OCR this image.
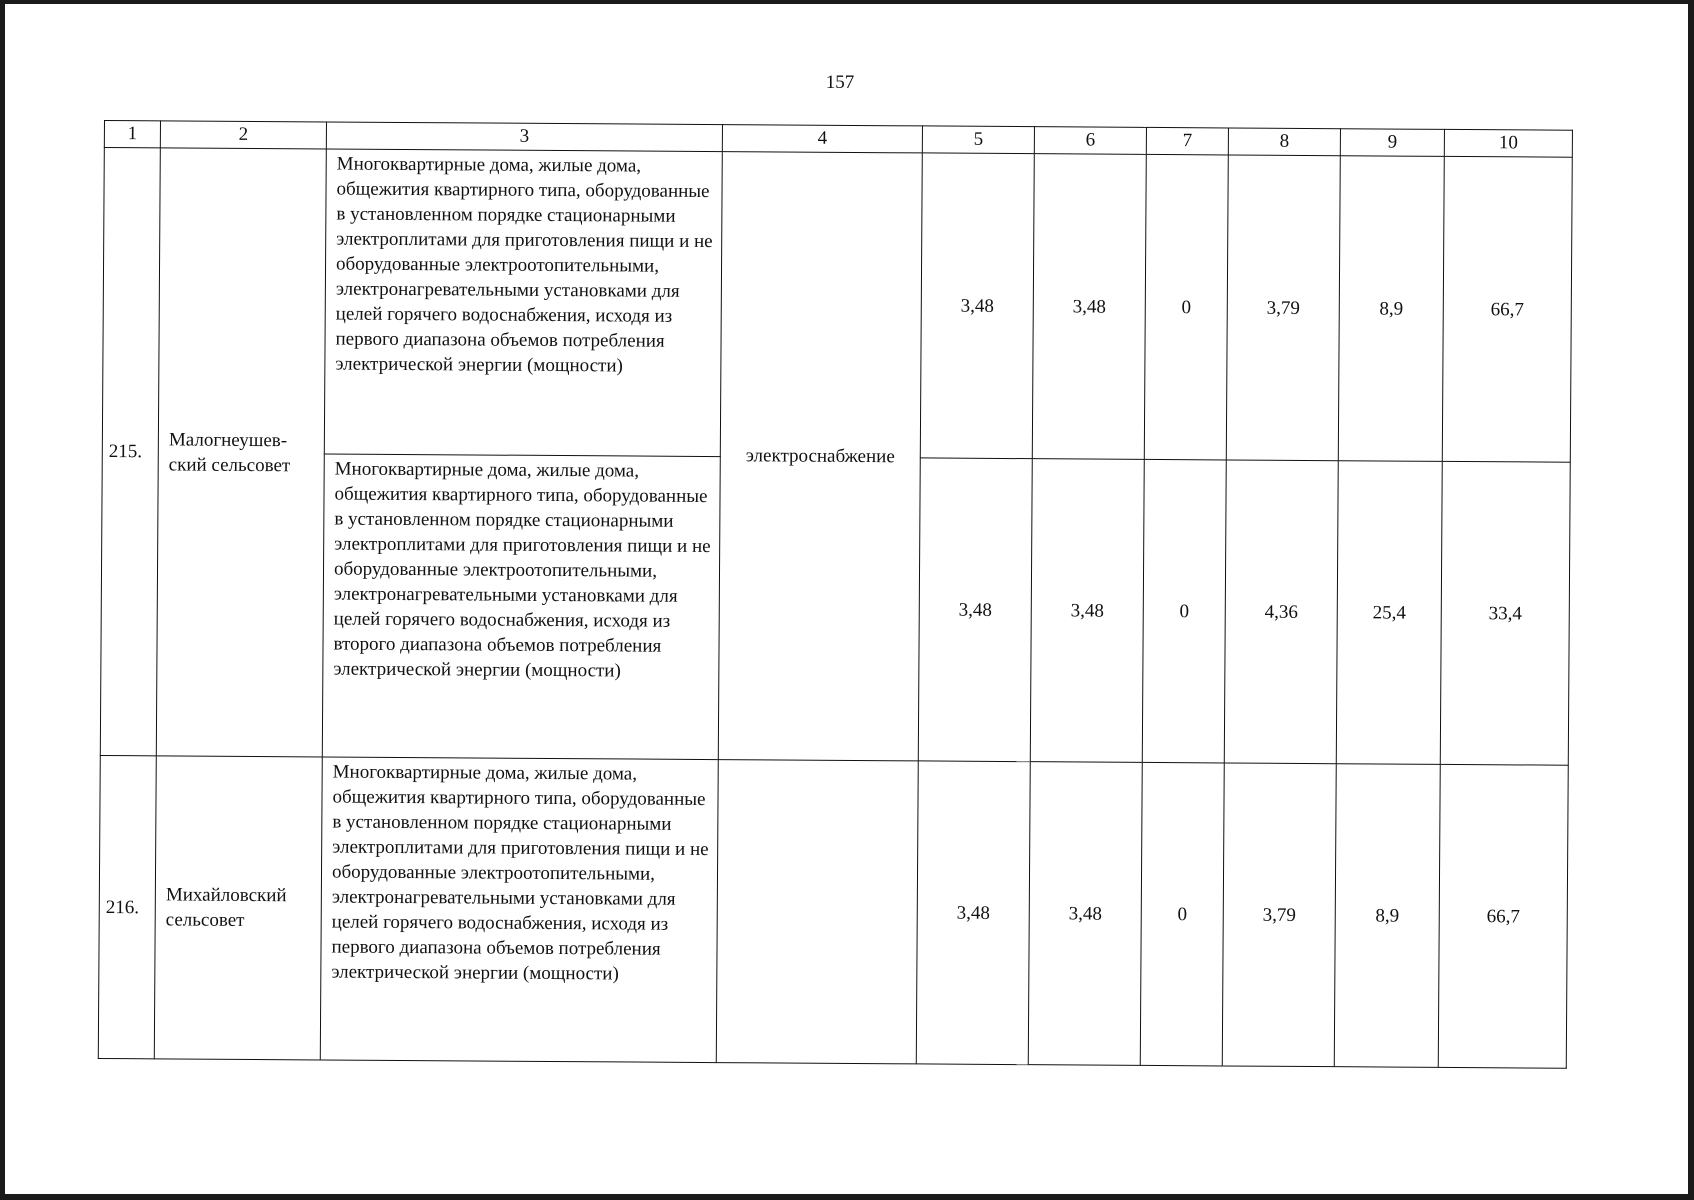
157
1	2	3	4	5	6	7	8	9	10
215.	Малогнеушев-ский сельсовет	Многоквартирные дома, жилые дома, общежития квартирного типа, оборудованные в установленном порядке стационарными электроплитами для приготовления пищи и не оборудованные электроотопительными, электронагревательными установками для целей горячего водоснабжения, исходя из первого диапазона объемов потребления электрической энергии (мощности)	электроснабжение	3,48	3,48	0	3,79	8,9	66,7
		Многоквартирные дома, жилые дома, общежития квартирного типа, оборудованные в установленном порядке стационарными электроплитами для приготовления пищи и не оборудованные электроотопительными, электронагревательными установками для целей горячего водоснабжения, исходя из второго диапазона объемов потребления электрической энергии (мощности)		3,48	3,48	0	4,36	25,4	33,4
216.	Михайловский сельсовет	Многоквартирные дома, жилые дома, общежития квартирного типа, оборудованные в установленном порядке стационарными электроплитами для приготовления пищи и не оборудованные электроотопительными, электронагревательными установками для целей горячего водоснабжения, исходя из первого диапазона объемов потребления электрической энергии (мощности)		3,48	3,48	0	3,79	8,9	66,7
